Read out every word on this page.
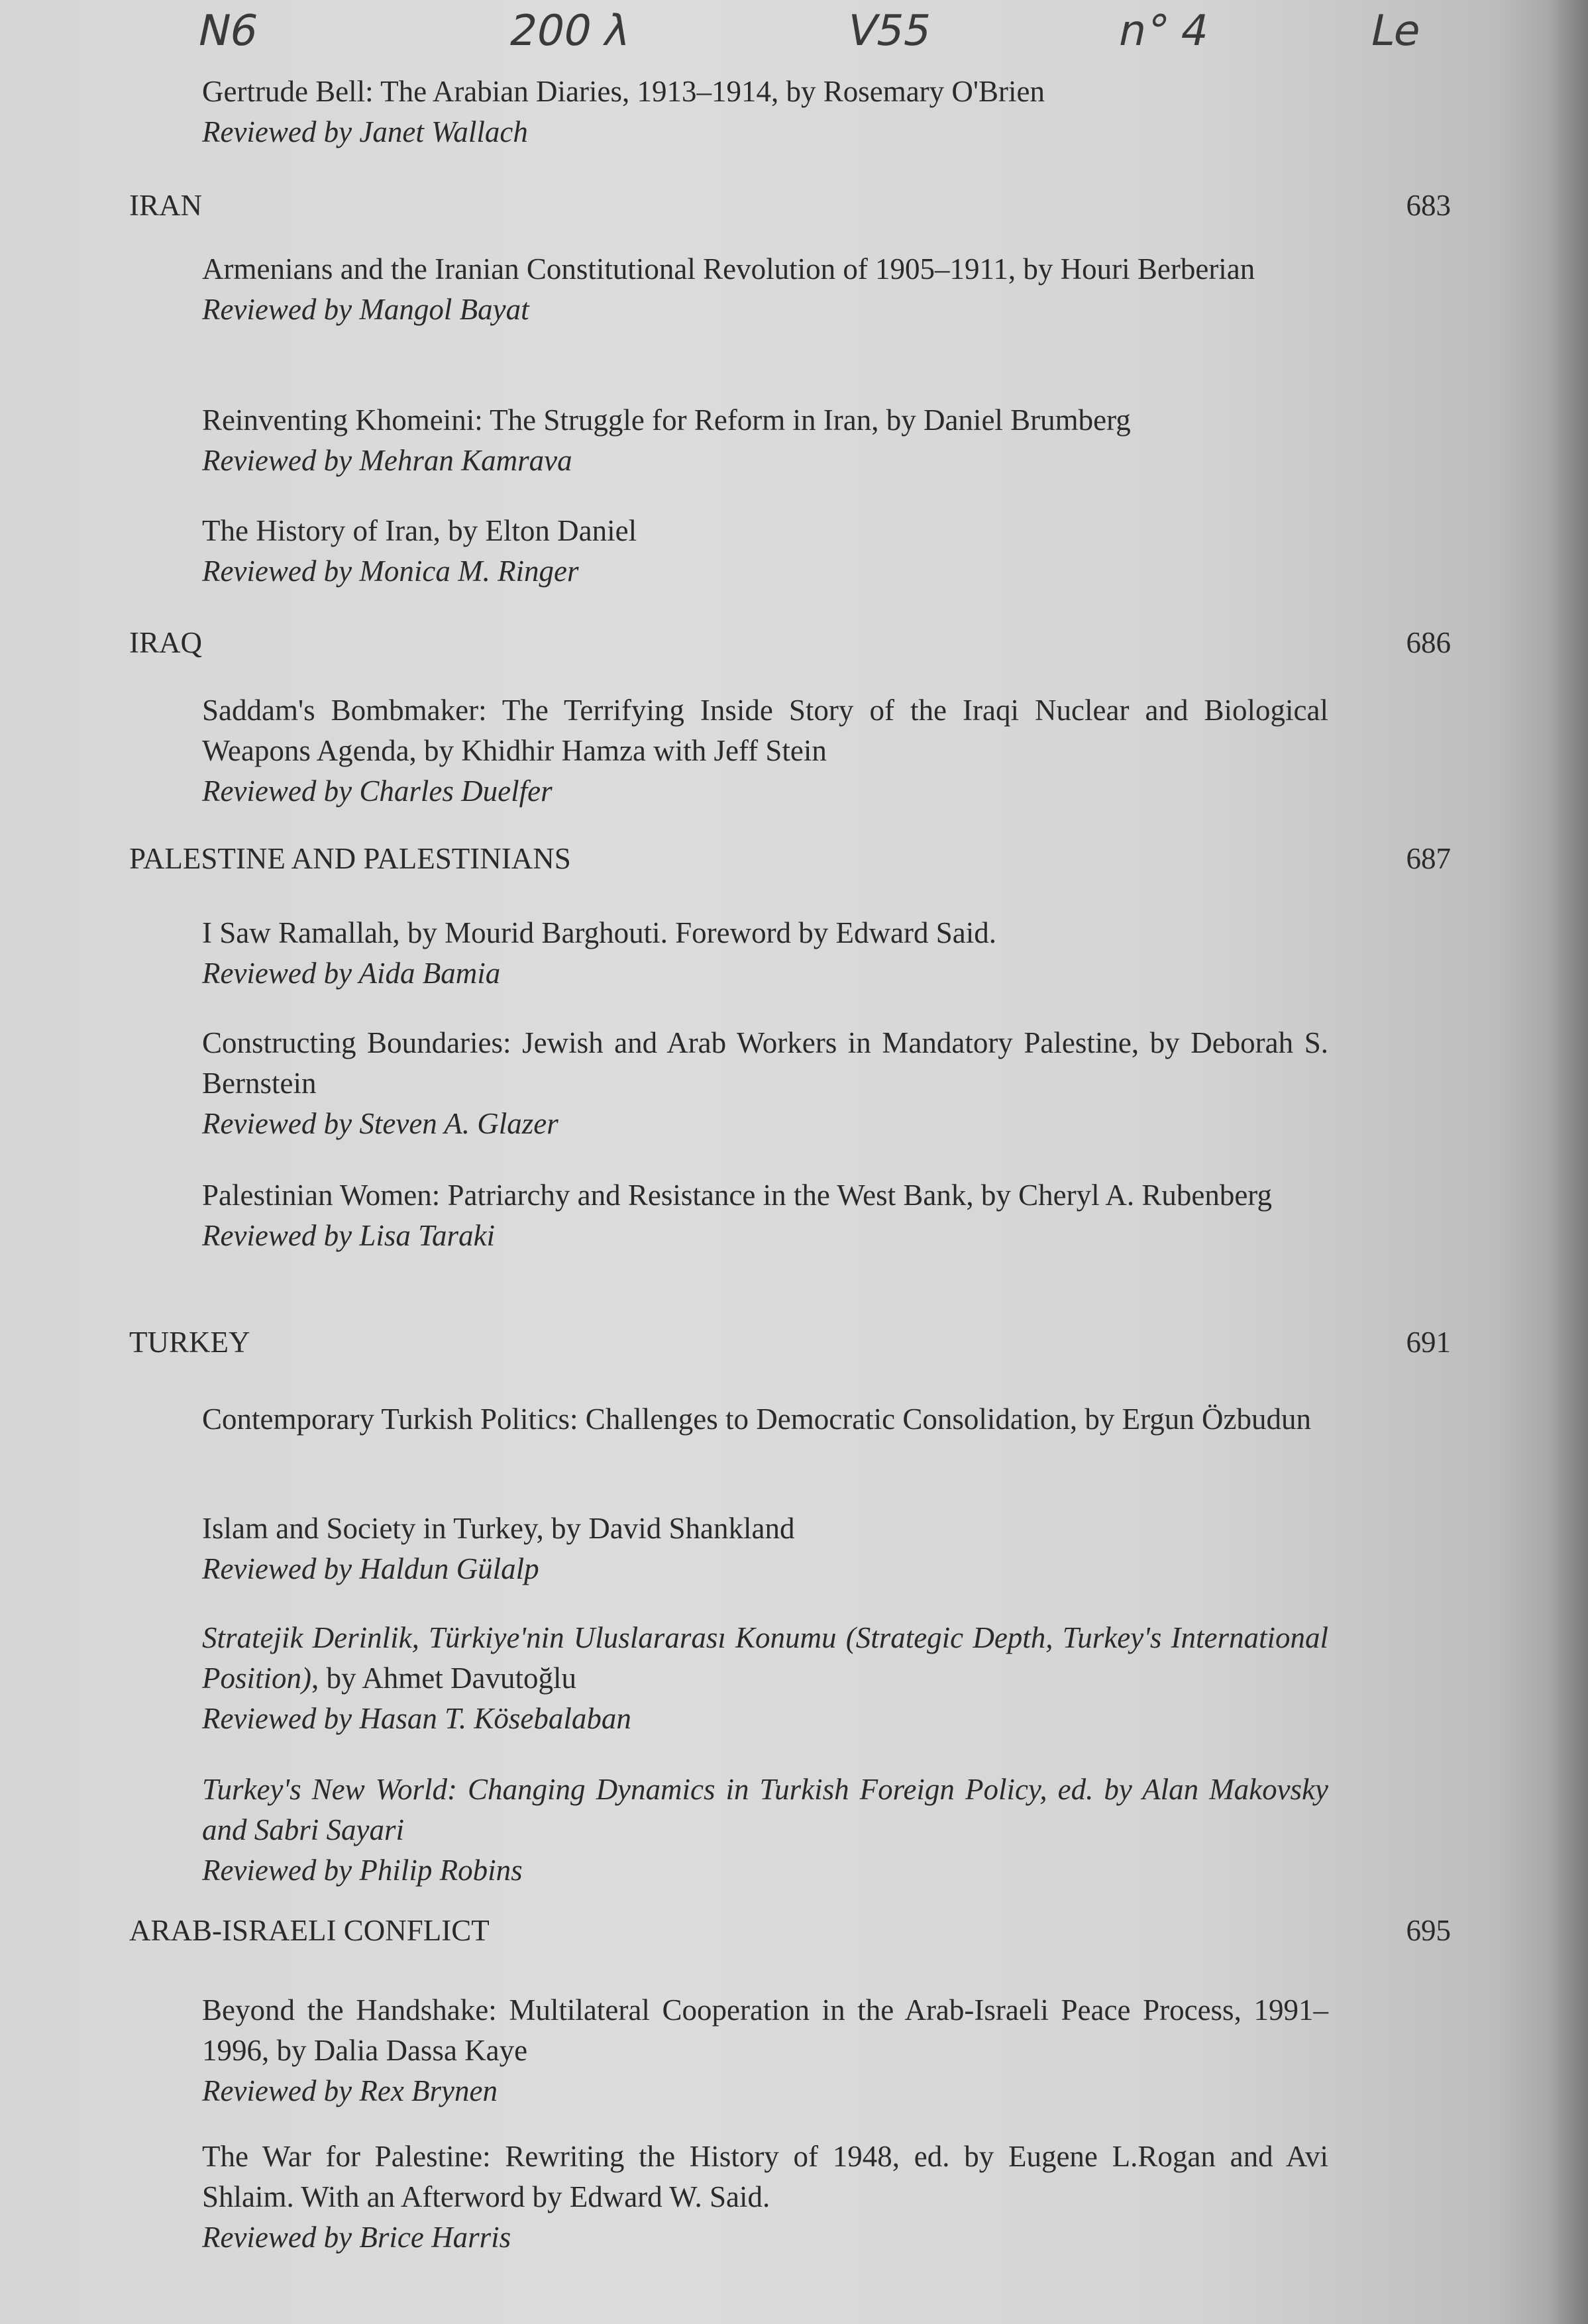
N6	200 λ	V55	n° 4	Le
Gertrude Bell: The Arabian Diaries, 1913–1914, by Rosemary O'Brien
Reviewed by Janet Wallach
IRAN	683
Armenians and the Iranian Constitutional Revolution of 1905–1911, by Houri Berberian
Reviewed by Mangol Bayat
Reinventing Khomeini: The Struggle for Reform in Iran, by Daniel Brumberg
Reviewed by Mehran Kamrava
The History of Iran, by Elton Daniel
Reviewed by Monica M. Ringer
IRAQ	686
Saddam's Bombmaker: The Terrifying Inside Story of the Iraqi Nuclear and Biological Weapons Agenda, by Khidhir Hamza with Jeff Stein
Reviewed by Charles Duelfer
PALESTINE AND PALESTINIANS	687
I Saw Ramallah, by Mourid Barghouti. Foreword by Edward Said.
Reviewed by Aida Bamia
Constructing Boundaries: Jewish and Arab Workers in Mandatory Palestine, by Deborah S. Bernstein
Reviewed by Steven A. Glazer
Palestinian Women: Patriarchy and Resistance in the West Bank, by Cheryl A. Rubenberg
Reviewed by Lisa Taraki
TURKEY	691
Contemporary Turkish Politics: Challenges to Democratic Consolidation, by Ergun Özbudun
Islam and Society in Turkey, by David Shankland
Reviewed by Haldun Gülalp
Stratejik Derinlik, Türkiye'nin Uluslararası Konumu (Strategic Depth, Turkey's International Position), by Ahmet Davutoğlu
Reviewed by Hasan T. Kösebalaban
Turkey's New World: Changing Dynamics in Turkish Foreign Policy, ed. by Alan Makovsky and Sabri Sayari
Reviewed by Philip Robins
ARAB-ISRAELI CONFLICT	695
Beyond the Handshake: Multilateral Cooperation in the Arab-Israeli Peace Process, 1991–1996, by Dalia Dassa Kaye
Reviewed by Rex Brynen
The War for Palestine: Rewriting the History of 1948, ed. by Eugene L.Rogan and Avi Shlaim. With an Afterword by Edward W. Said.
Reviewed by Brice Harris
